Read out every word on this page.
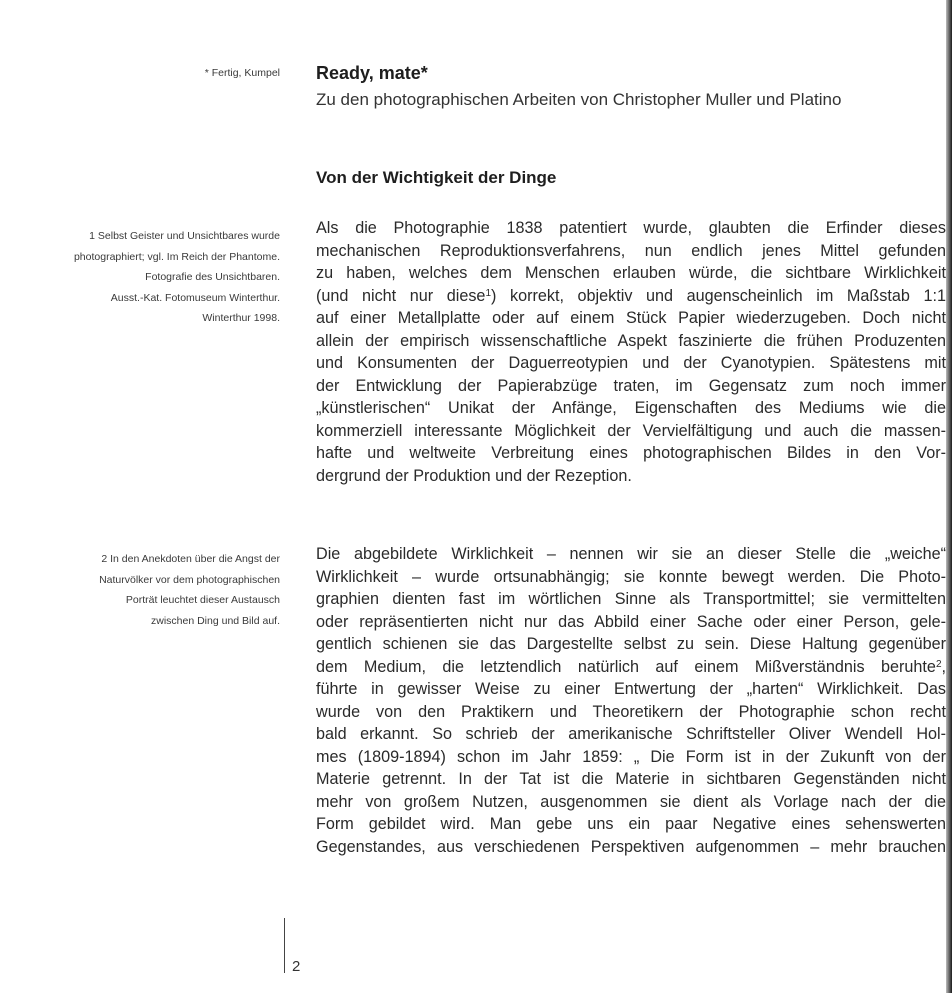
* Fertig, Kumpel
1 Selbst Geister und Unsichtbares wurde
photographiert; vgl. Im Reich der Phantome.
Fotografie des Unsichtbaren.
Ausst.-Kat. Fotomuseum Winterthur.
Winterthur 1998.
2 In den Anekdoten über die Angst der
Naturvölker vor dem photographischen
Porträt leuchtet dieser Austausch
zwischen Ding und Bild auf.
Ready, mate*
Zu den photographischen Arbeiten von Christopher Muller und Platino
Von der Wichtigkeit der Dinge
Als die Photographie 1838 patentiert wurde, glaubten die Erfinder dieses
mechanischen Reproduktionsverfahrens, nun endlich jenes Mittel gefunden
zu haben, welches dem Menschen erlauben würde, die sichtbare Wirklichkeit
(und nicht nur diese$^1$) korrekt, objektiv und augenscheinlich im Maßstab 1:1
auf einer Metallplatte oder auf einem Stück Papier wiederzugeben. Doch nicht
allein der empirisch wissenschaftliche Aspekt faszinierte die frühen Produzenten
und Konsumenten der Daguerreotypien und der Cyanotypien. Spätestens mit
der Entwicklung der Papierabzüge traten, im Gegensatz zum noch immer
„künstlerischen“ Unikat der Anfänge, Eigenschaften des Mediums wie die
kommerziell interessante Möglichkeit der Vervielfältigung und auch die massen-
hafte und weltweite Verbreitung eines photographischen Bildes in den Vor-
dergrund der Produktion und der Rezeption.
Die abgebildete Wirklichkeit – nennen wir sie an dieser Stelle die „weiche“
Wirklichkeit – wurde ortsunabhängig; sie konnte bewegt werden. Die Photo-
graphien dienten fast im wörtlichen Sinne als Transportmittel; sie vermittelten
oder repräsentierten nicht nur das Abbild einer Sache oder einer Person, gele-
gentlich schienen sie das Dargestellte selbst zu sein. Diese Haltung gegenüber
dem Medium, die letztendlich natürlich auf einem Mißverständnis beruhte$^2$,
führte in gewisser Weise zu einer Entwertung der „harten“ Wirklichkeit. Das
wurde von den Praktikern und Theoretikern der Photographie schon recht
bald erkannt. So schrieb der amerikanische Schriftsteller Oliver Wendell Hol-
mes (1809-1894) schon im Jahr 1859: „ Die Form ist in der Zukunft von der
Materie getrennt. In der Tat ist die Materie in sichtbaren Gegenständen nicht
mehr von großem Nutzen, ausgenommen sie dient als Vorlage nach der die
Form gebildet wird. Man gebe uns ein paar Negative eines sehenswerten
Gegenstandes, aus verschiedenen Perspektiven aufgenommen – mehr brauchen
2
